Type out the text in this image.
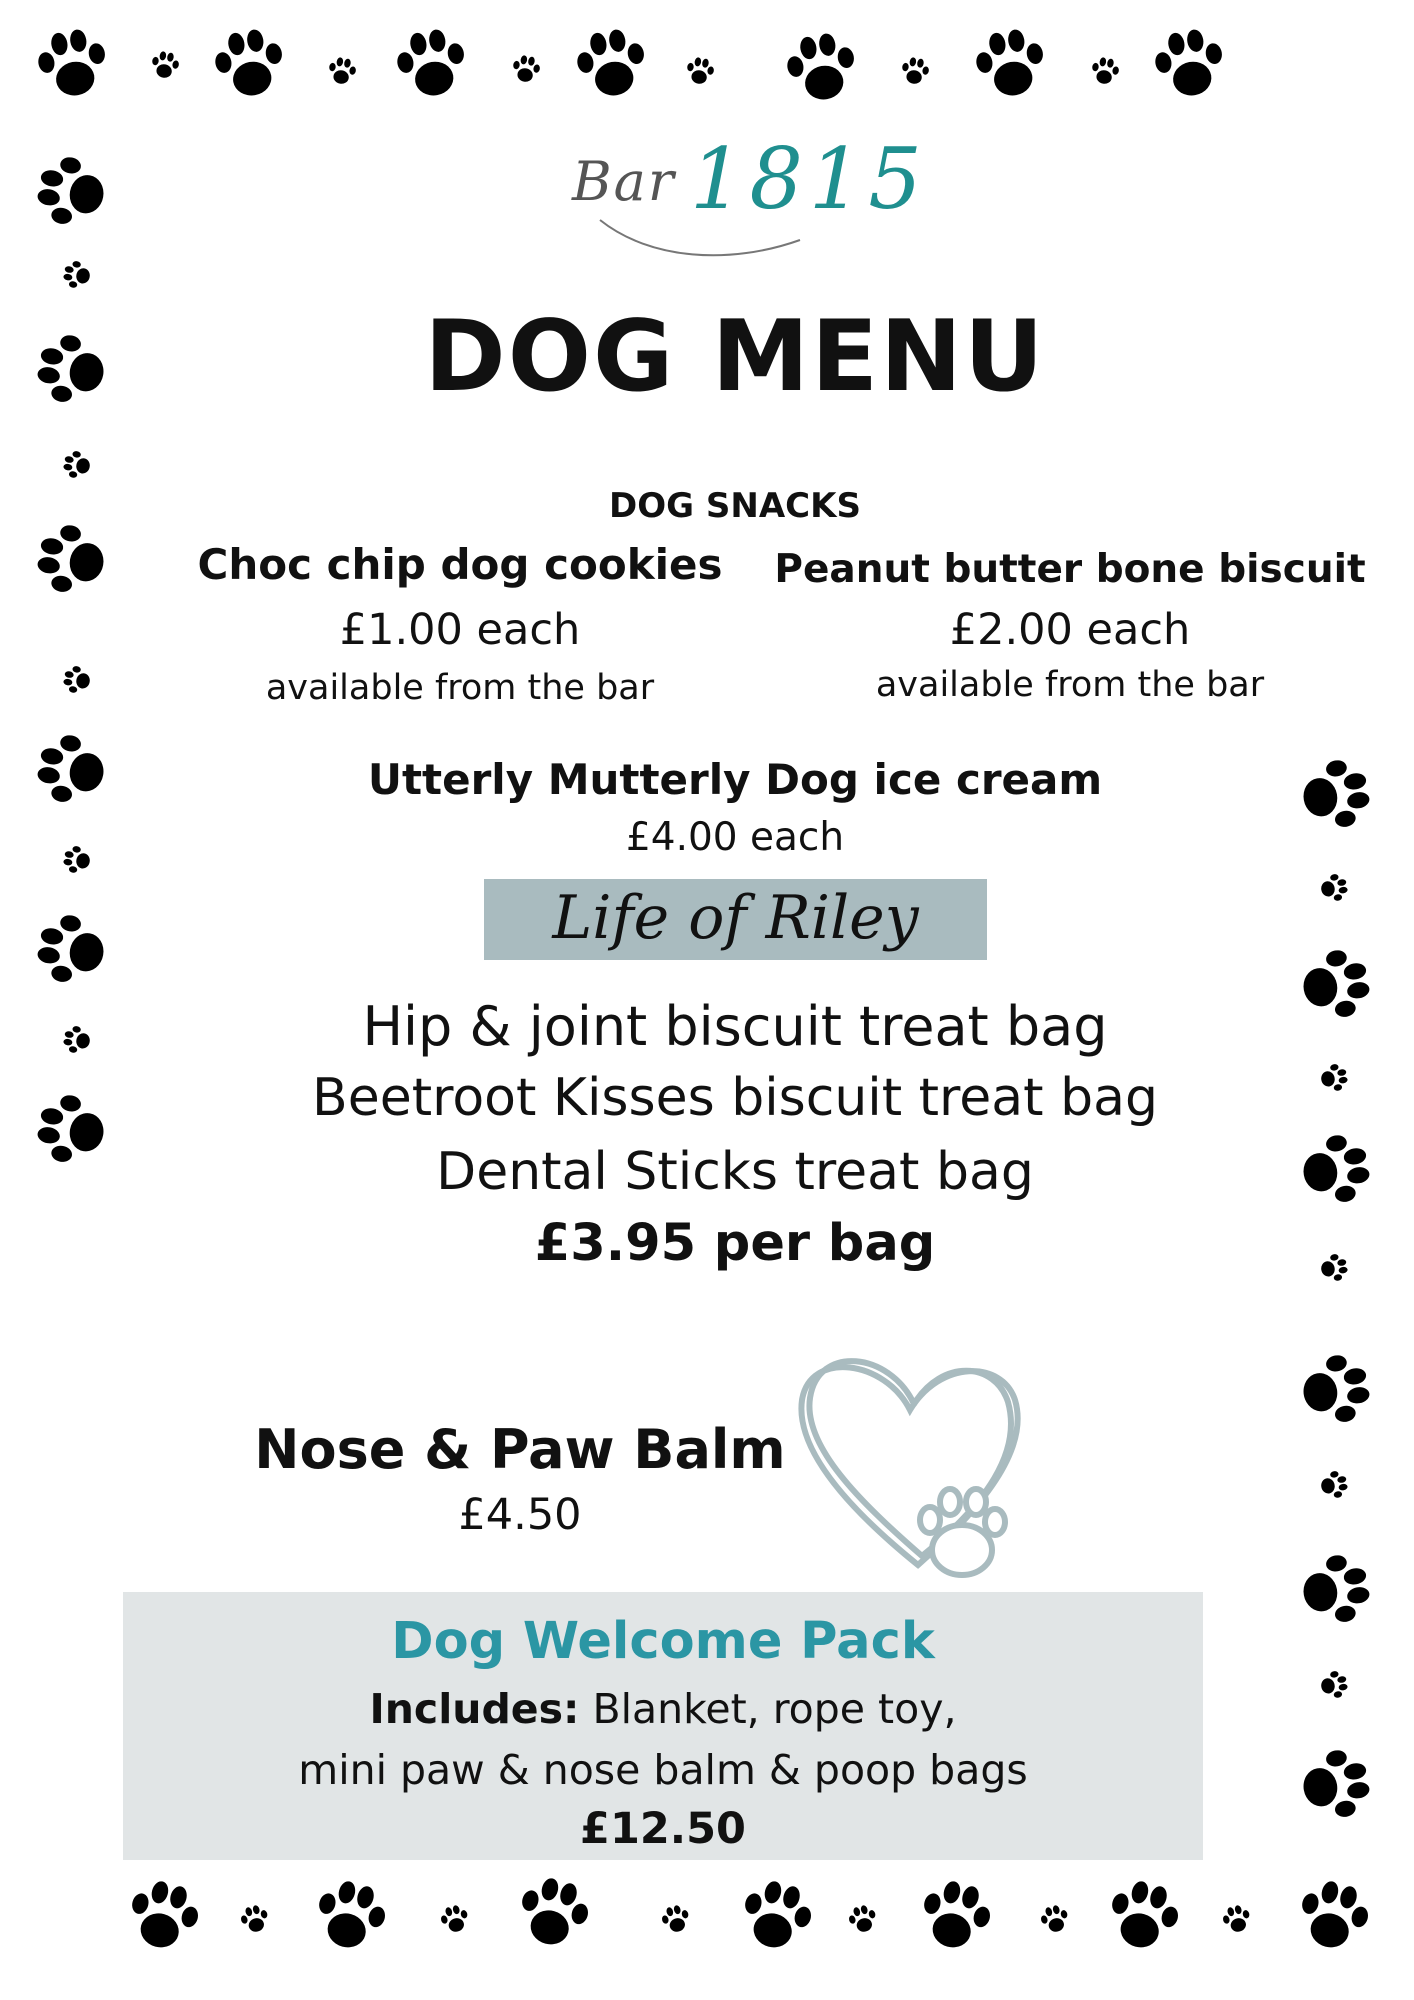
Bar 1815
DOG MENU
DOG SNACKS
Choc chip dog cookies
£1.00 each
available from the bar
Peanut butter bone biscuit
£2.00 each
available from the bar
Utterly Mutterly Dog ice cream
£4.00 each
Life of Riley
Hip & joint biscuit treat bag
Beetroot Kisses biscuit treat bag
Dental Sticks treat bag
£3.95 per bag
Nose & Paw Balm
£4.50
Dog Welcome Pack
Includes: Blanket, rope toy,
mini paw & nose balm & poop bags
£12.50
